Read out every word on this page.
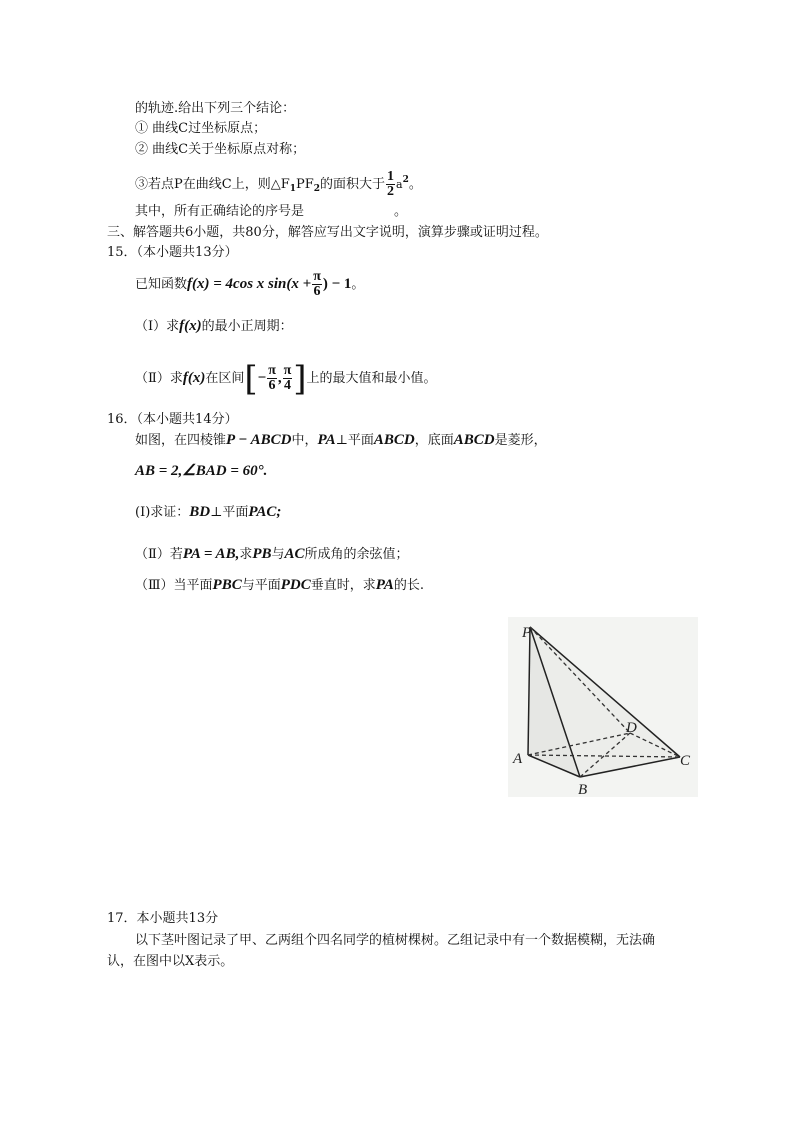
的轨迹.给出下列三个结论：
① 曲线C过坐标原点；
② 曲线C关于坐标原点对称；
③若点P在曲线C上，则$\triangle F_1PF_2$的面积大于 $\frac{1}{2} a^2$。
其中，所有正确结论的序号是	。
三、解答题共6小题，共80分，解答应写出文字说明，演算步骤或证明过程。
15．（本小题共13分）
已知函数f(x) = 4cos x $\sin(x + \frac{\pi}{6}$ ) − 1。
（Ⅰ）求f(x)的最小正周期：
（Ⅱ）求f(x)在区间[− $\frac{\pi}{6}$ , $\frac{\pi}{4}$ ]上的最大值和最小值。
16．（本小题共14分）
如图，在四棱锥P − ABCD中，PA⊥平面ABCD，底面ABCD是菱形，
AB = 2,∠BAD = 60°.
(Ⅰ)求证：BD⊥平面PAC;
（Ⅱ）若PA = AB,求PB与AC所成角的余弦值；
（Ⅲ）当平面PBC与平面PDC垂直时，求PA的长.
P
A
B
C
D
17．本小题共13分
以下茎叶图记录了甲、乙两组个四名同学的植树棵树。乙组记录中有一个数据模糊，无法确
认，在图中以X表示。
